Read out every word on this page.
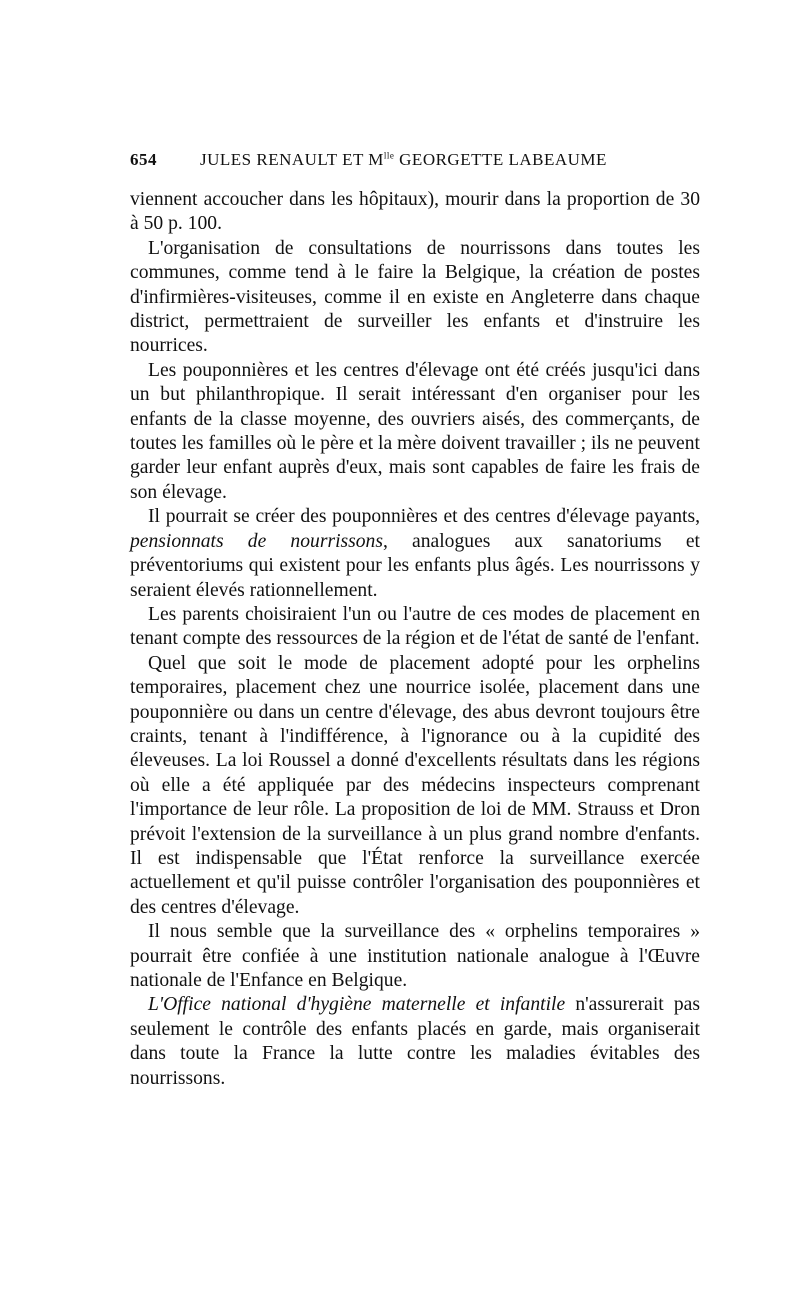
654	JULES RENAULT ET $M^{lle}$ GEORGETTE LABEAUME

viennent accoucher dans les hôpitaux), mourir dans la proportion de 30 à 50 p. 100.

L'organisation de consultations de nourrissons dans toutes les communes, comme tend à le faire la Belgique, la création de postes d'infirmières-visiteuses, comme il en existe en Angleterre dans chaque district, permettraient de surveiller les enfants et d'instruire les nourrices.

Les pouponnières et les centres d'élevage ont été créés jusqu'ici dans un but philanthropique. Il serait intéressant d'en organiser pour les enfants de la classe moyenne, des ouvriers aisés, des commerçants, de toutes les familles où le père et la mère doivent travailler ; ils ne peuvent garder leur enfant auprès d'eux, mais sont capables de faire les frais de son élevage.

Il pourrait se créer des pouponnières et des centres d'élevage payants, pensionnats de nourrissons, analogues aux sanatoriums et préventoriums qui existent pour les enfants plus âgés. Les nourrissons y seraient élevés rationnellement.

Les parents choisiraient l'un ou l'autre de ces modes de placement en tenant compte des ressources de la région et de l'état de santé de l'enfant.

Quel que soit le mode de placement adopté pour les orphelins temporaires, placement chez une nourrice isolée, placement dans une pouponnière ou dans un centre d'élevage, des abus devront toujours être craints, tenant à l'indifférence, à l'ignorance ou à la cupidité des éleveuses. La loi Roussel a donné d'excellents résultats dans les régions où elle a été appliquée par des médecins inspecteurs comprenant l'importance de leur rôle. La proposition de loi de MM. Strauss et Dron prévoit l'extension de la surveillance à un plus grand nombre d'enfants. Il est indispensable que l'État renforce la surveillance exercée actuellement et qu'il puisse contrôler l'organisation des pouponnières et des centres d'élevage.

Il nous semble que la surveillance des « orphelins temporaires » pourrait être confiée à une institution nationale analogue à l'Œuvre nationale de l'Enfance en Belgique.

L'Office national d'hygiène maternelle et infantile n'assurerait pas seulement le contrôle des enfants placés en garde, mais organiserait dans toute la France la lutte contre les maladies évitables des nourrissons.
